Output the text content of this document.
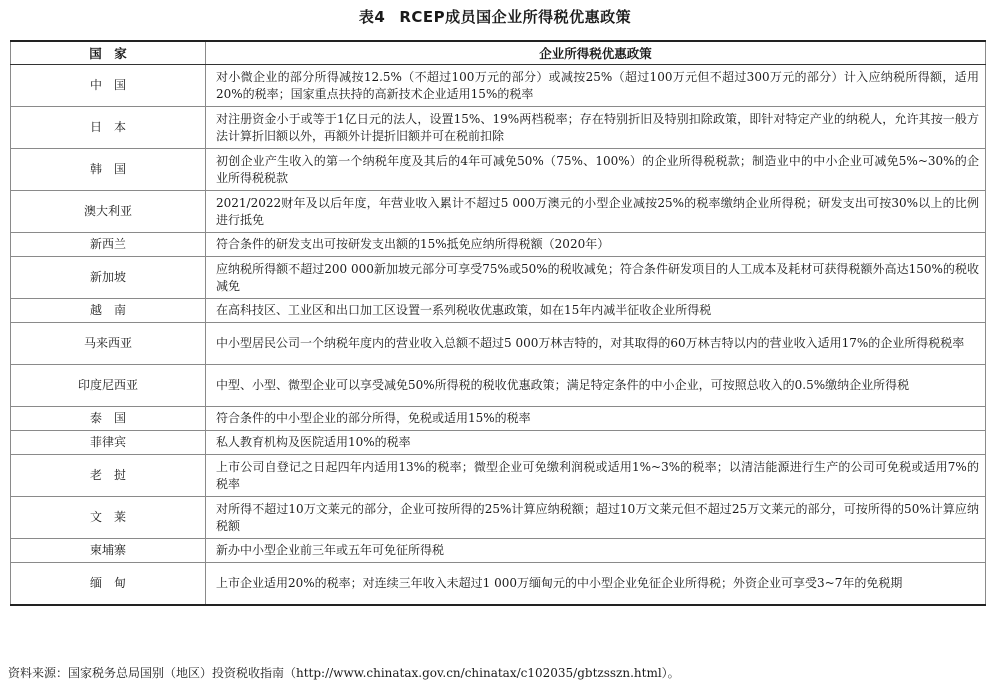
表4 RCEP成员国企业所得税优惠政策
国　家	企业所得税优惠政策
中　国	对小微企业的部分所得减按12.5%（不超过100万元的部分）或减按25%（超过100万元但不超过300万元的部分）计入应纳税所得额，适用20%的税率；国家重点扶持的高新技术企业适用15%的税率
日　本	对注册资金小于或等于1亿日元的法人，设置15%、19%两档税率；存在特别折旧及特别扣除政策，即针对特定产业的纳税人，允许其按一般方法计算折旧额以外，再额外计提折旧额并可在税前扣除
韩　国	初创企业产生收入的第一个纳税年度及其后的4年可减免50%（75%、100%）的企业所得税税款；制造业中的中小企业可减免5%~30%的企业所得税税款
澳大利亚	2021/2022财年及以后年度，年营业收入累计不超过5 000万澳元的小型企业减按25%的税率缴纳企业所得税；研发支出可按30%以上的比例进行抵免
新西兰	符合条件的研发支出可按研发支出额的15%抵免应纳所得税额（2020年）
新加坡	应纳税所得额不超过200 000新加坡元部分可享受75%或50%的税收减免；符合条件研发项目的人工成本及耗材可获得税额外高达150%的税收减免
越　南	在高科技区、工业区和出口加工区设置一系列税收优惠政策，如在15年内减半征收企业所得税
马来西亚	中小型居民公司一个纳税年度内的营业收入总额不超过5 000万林吉特的，对其取得的60万林吉特以内的营业收入适用17%的企业所得税税率
印度尼西亚	中型、小型、微型企业可以享受减免50%所得税的税收优惠政策；满足特定条件的中小企业，可按照总收入的0.5%缴纳企业所得税
泰　国	符合条件的中小型企业的部分所得，免税或适用15%的税率
菲律宾	私人教育机构及医院适用10%的税率
老　挝	上市公司自登记之日起四年内适用13%的税率；微型企业可免缴利润税或适用1%~3%的税率；以清洁能源进行生产的公司可免税或适用7%的税率
文　莱	对所得不超过10万文莱元的部分，企业可按所得的25%计算应纳税额；超过10万文莱元但不超过25万文莱元的部分，可按所得的50%计算应纳税额
柬埔寨	新办中小型企业前三年或五年可免征所得税
缅　甸	上市企业适用20%的税率；对连续三年收入未超过1 000万缅甸元的中小型企业免征企业所得税；外资企业可享受3~7年的免税期
资料来源：国家税务总局国别（地区）投资税收指南（http://www.chinatax.gov.cn/chinatax/c102035/gbtzsszn.html）。
